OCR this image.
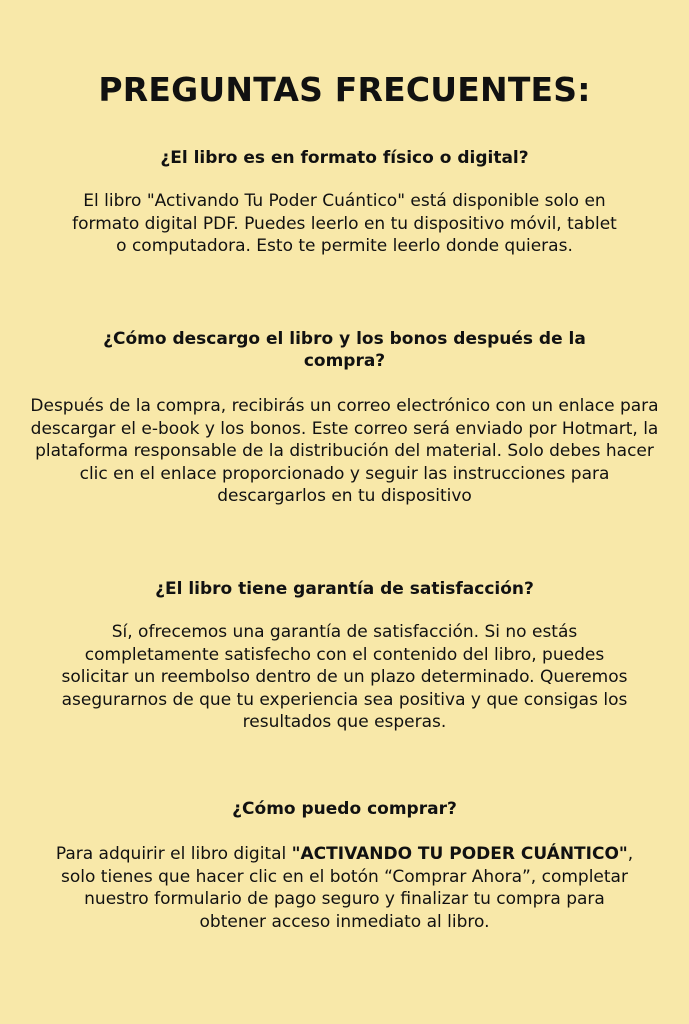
PREGUNTAS FRECUENTES:
¿El libro es en formato físico o digital?

El libro "Activando Tu Poder Cuántico" está disponible solo en formato digital PDF. Puedes leerlo en tu dispositivo móvil, tablet o computadora. Esto te permite leerlo donde quieras.

¿Cómo descargo el libro y los bonos después de la compra?

Después de la compra, recibirás un correo electrónico con un enlace para descargar el e-book y los bonos. Este correo será enviado por Hotmart, la plataforma responsable de la distribución del material. Solo debes hacer clic en el enlace proporcionado y seguir las instrucciones para descargarlos en tu dispositivo

¿El libro tiene garantía de satisfacción?

Sí, ofrecemos una garantía de satisfacción. Si no estás completamente satisfecho con el contenido del libro, puedes solicitar un reembolso dentro de un plazo determinado. Queremos asegurarnos de que tu experiencia sea positiva y que consigas los resultados que esperas.

¿Cómo puedo comprar?

Para adquirir el libro digital "ACTIVANDO TU PODER CUÁNTICO", solo tienes que hacer clic en el botón “Comprar Ahora”, completar nuestro formulario de pago seguro y finalizar tu compra para obtener acceso inmediato al libro.
